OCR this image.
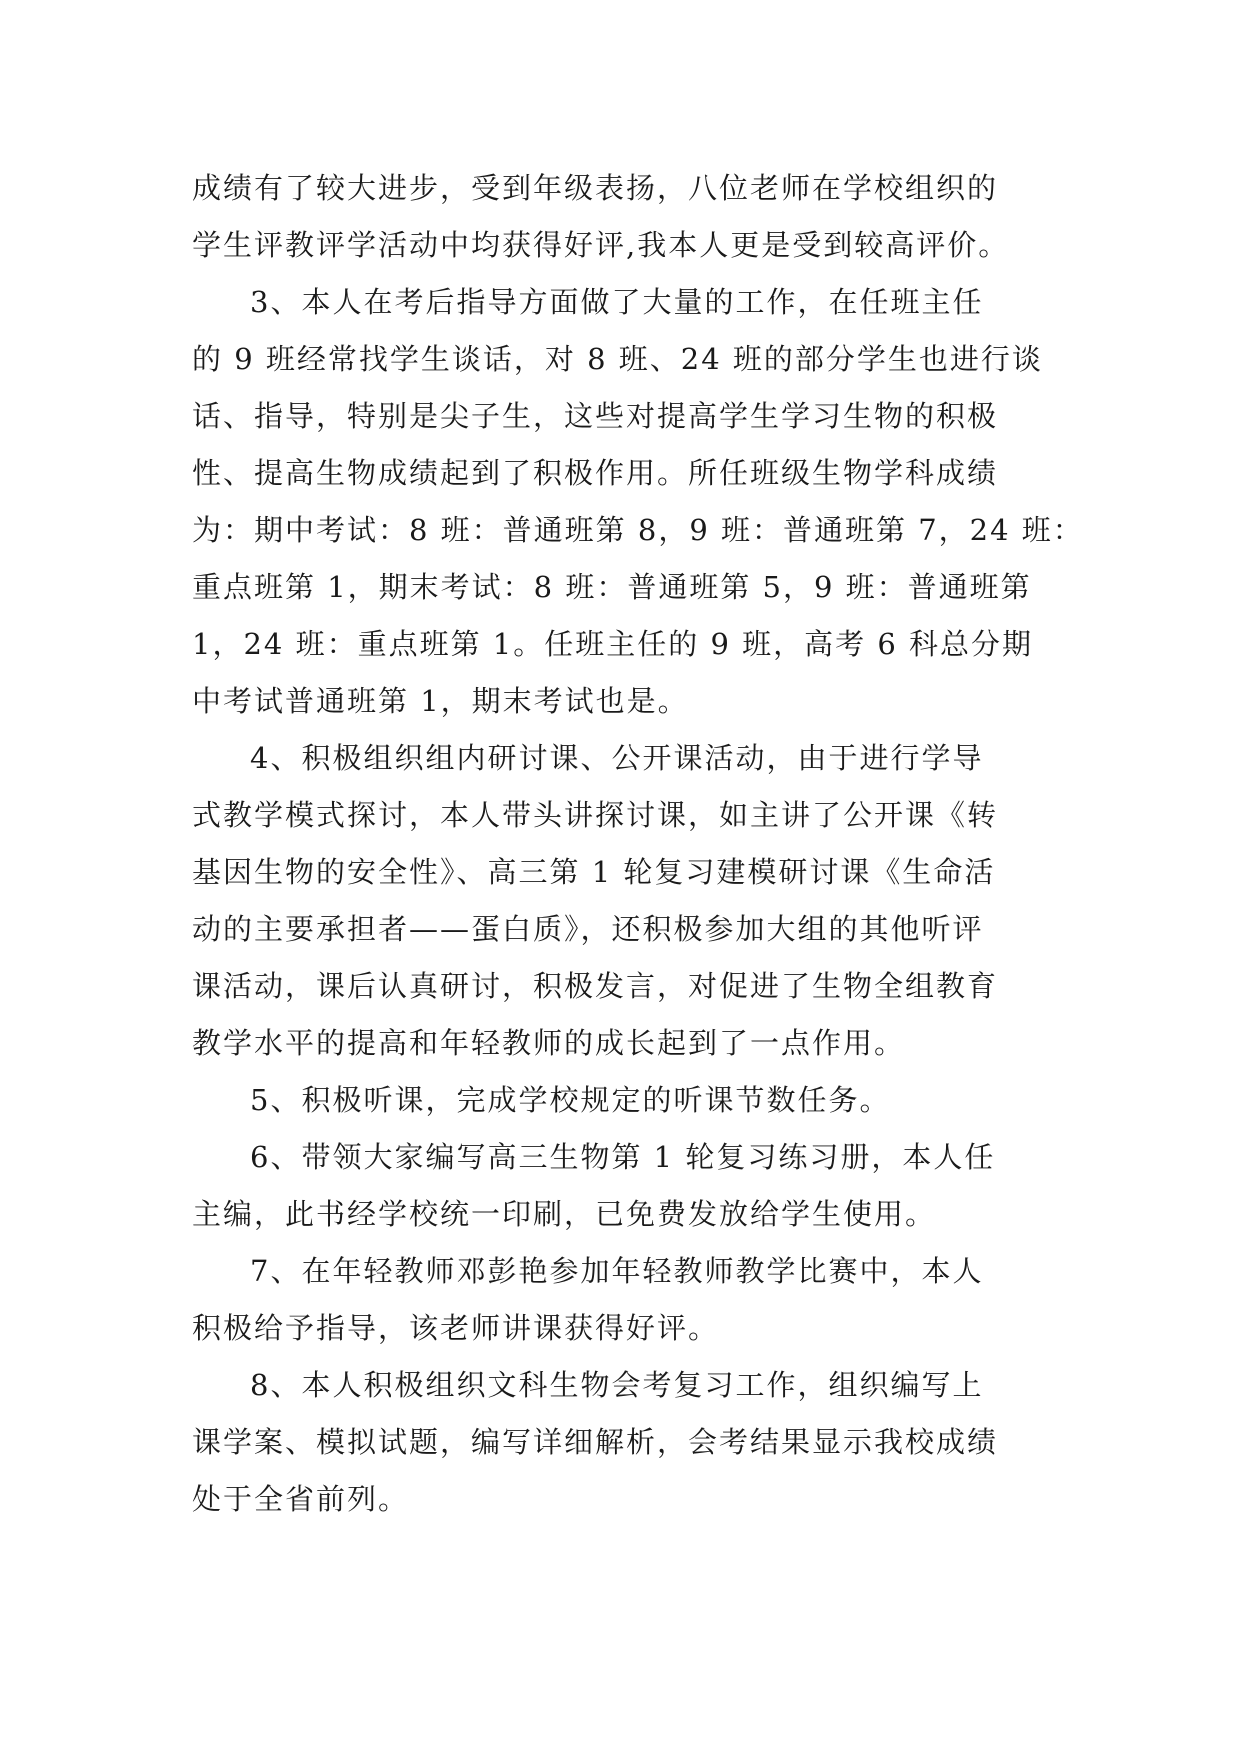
成绩有了较大进步，受到年级表扬，八位老师在学校组织的
学生评教评学活动中均获得好评,我本人更是受到较高评价。

3、本人在考后指导方面做了大量的工作，在任班主任
的 9 班经常找学生谈话，对 8 班、24 班的部分学生也进行谈
话、指导，特别是尖子生，这些对提高学生学习生物的积极
性、提高生物成绩起到了积极作用。所任班级生物学科成绩
为：期中考试：8 班：普通班第 8，9 班：普通班第 7，24 班：
重点班第 1，期末考试：8 班：普通班第 5，9 班：普通班第
1，24 班：重点班第 1。任班主任的 9 班，高考 6 科总分期
中考试普通班第 1，期末考试也是。

4、积极组织组内研讨课、公开课活动，由于进行学导
式教学模式探讨，本人带头讲探讨课，如主讲了公开课《转
基因生物的安全性》、高三第 1 轮复习建模研讨课《生命活
动的主要承担者——蛋白质》，还积极参加大组的其他听评
课活动，课后认真研讨，积极发言，对促进了生物全组教育
教学水平的提高和年轻教师的成长起到了一点作用。

5、积极听课，完成学校规定的听课节数任务。

6、带领大家编写高三生物第 1 轮复习练习册，本人任
主编，此书经学校统一印刷，已免费发放给学生使用。

7、在年轻教师邓彭艳参加年轻教师教学比赛中，本人
积极给予指导，该老师讲课获得好评。

8、本人积极组织文科生物会考复习工作，组织编写上
课学案、模拟试题，编写详细解析，会考结果显示我校成绩
处于全省前列。
